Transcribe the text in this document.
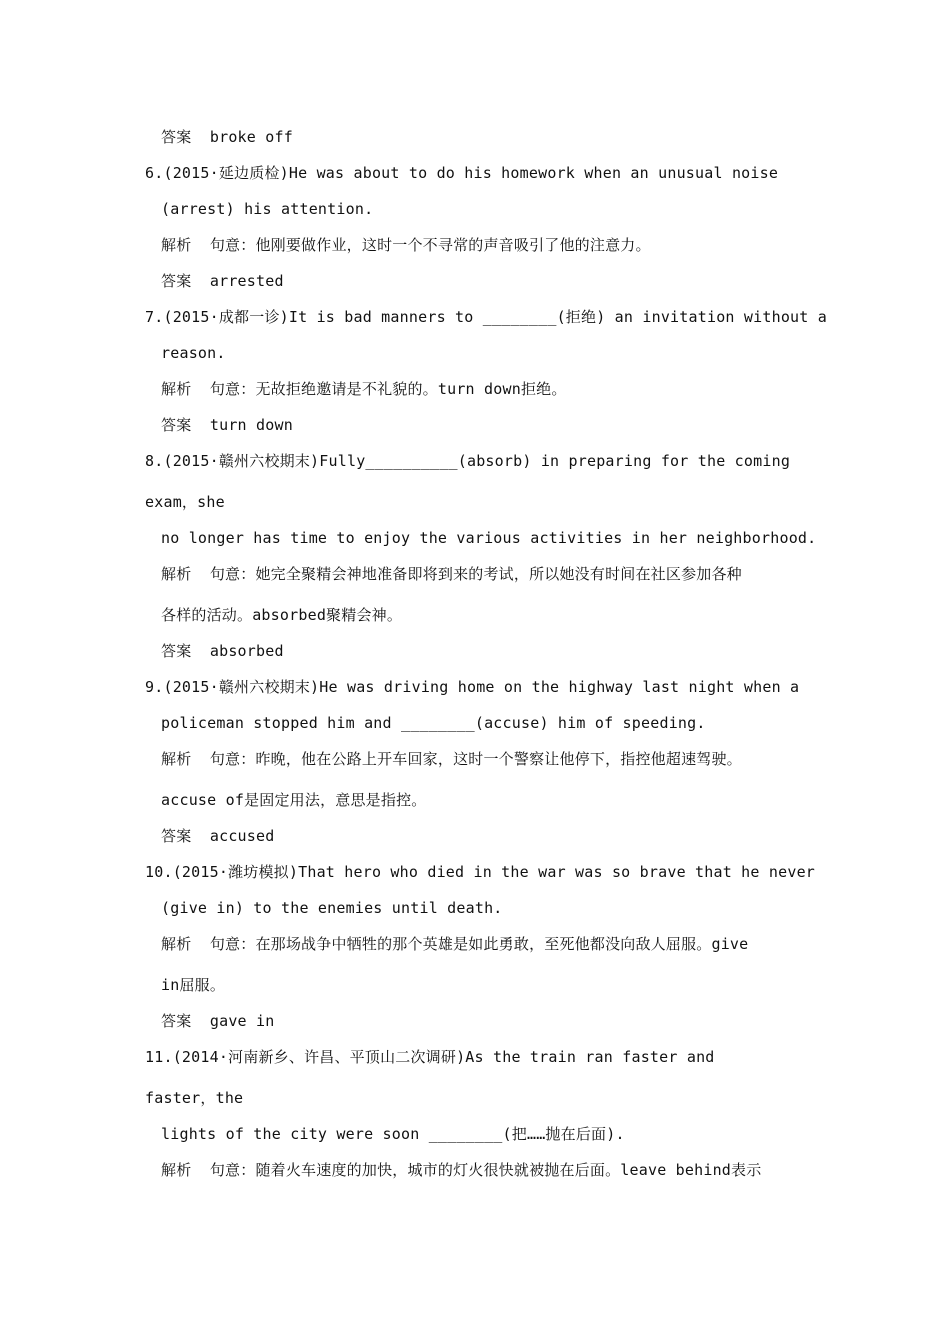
答案  broke off
6.(2015·延边质检)He was about to do his homework when an unusual noise
(arrest) his attention.
解析  句意：他刚要做作业，这时一个不寻常的声音吸引了他的注意力。
答案  arrested
7.(2015·成都一诊)It is bad manners to ________(拒绝) an invitation without a
reason.
解析  句意：无故拒绝邀请是不礼貌的。turn down拒绝。
答案  turn down
8.(2015·赣州六校期末)Fully__________(absorb) in preparing for the coming
exam，she
no longer has time to enjoy the various activities in her neighborhood.
解析  句意：她完全聚精会神地准备即将到来的考试，所以她没有时间在社区参加各种
各样的活动。absorbed聚精会神。
答案  absorbed
9.(2015·赣州六校期末)He was driving home on the highway last night when a
policeman stopped him and ________(accuse) him of speeding.
解析  句意：昨晚，他在公路上开车回家，这时一个警察让他停下，指控他超速驾驶。
accuse of是固定用法，意思是指控。
答案  accused
10.(2015·潍坊模拟)That hero who died in the war was so brave that he never
(give in) to the enemies until death.
解析  句意：在那场战争中牺牲的那个英雄是如此勇敢，至死他都没向敌人屈服。give
in屈服。
答案  gave in
11.(2014·河南新乡、许昌、平顶山二次调研)As the train ran faster and
faster，the
lights of the city were soon ________(把……抛在后面).
解析  句意：随着火车速度的加快，城市的灯火很快就被抛在后面。leave behind表示
